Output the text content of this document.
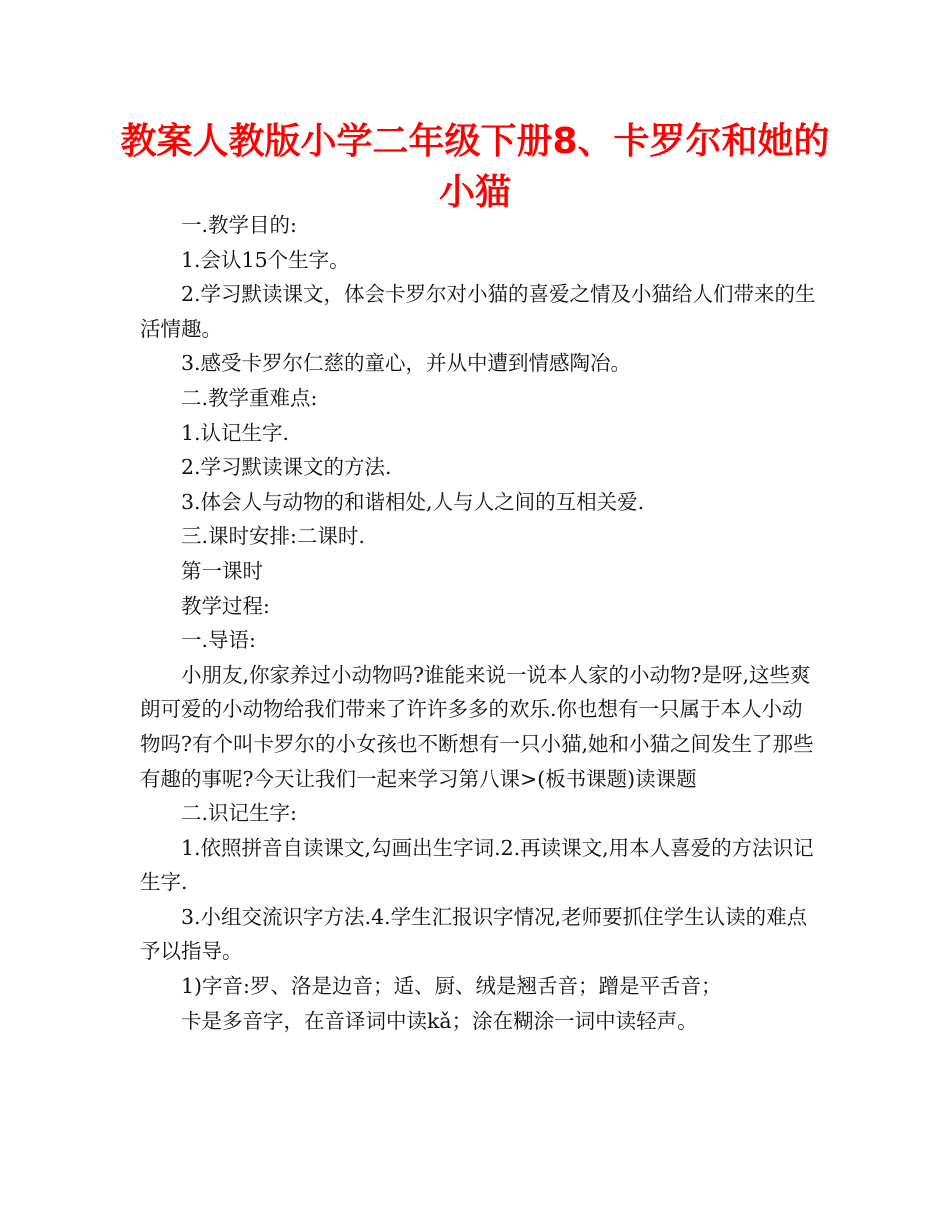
教案人教版小学二年级下册8、卡罗尔和她的小猫

一.教学目的:

1.会认15个生字。

2.学习默读课文，体会卡罗尔对小猫的喜爱之情及小猫给人们带来的生活情趣。

3.感受卡罗尔仁慈的童心，并从中遭到情感陶冶。

二.教学重难点:

1.认记生字.

2.学习默读课文的方法.

3.体会人与动物的和谐相处,人与人之间的互相关爱.

三.课时安排:二课时.

第一课时

教学过程:

一.导语:

小朋友,你家养过小动物吗?谁能来说一说本人家的小动物?是呀,这些爽朗可爱的小动物给我们带来了许许多多的欢乐.你也想有一只属于本人小动物吗?有个叫卡罗尔的小女孩也不断想有一只小猫,她和小猫之间发生了那些有趣的事呢?今天让我们一起来学习第八课>(板书课题)读课题

二.识记生字:

1.依照拼音自读课文,勾画出生字词.2.再读课文,用本人喜爱的方法识记生字.

3.小组交流识字方法.4.学生汇报识字情况,老师要抓住学生认读的难点予以指导。

1)字音:罗、洛是边音；适、厨、绒是翘舌音；蹭是平舌音；

卡是多音字，在音译词中读kǎ；涂在糊涂一词中读轻声。
